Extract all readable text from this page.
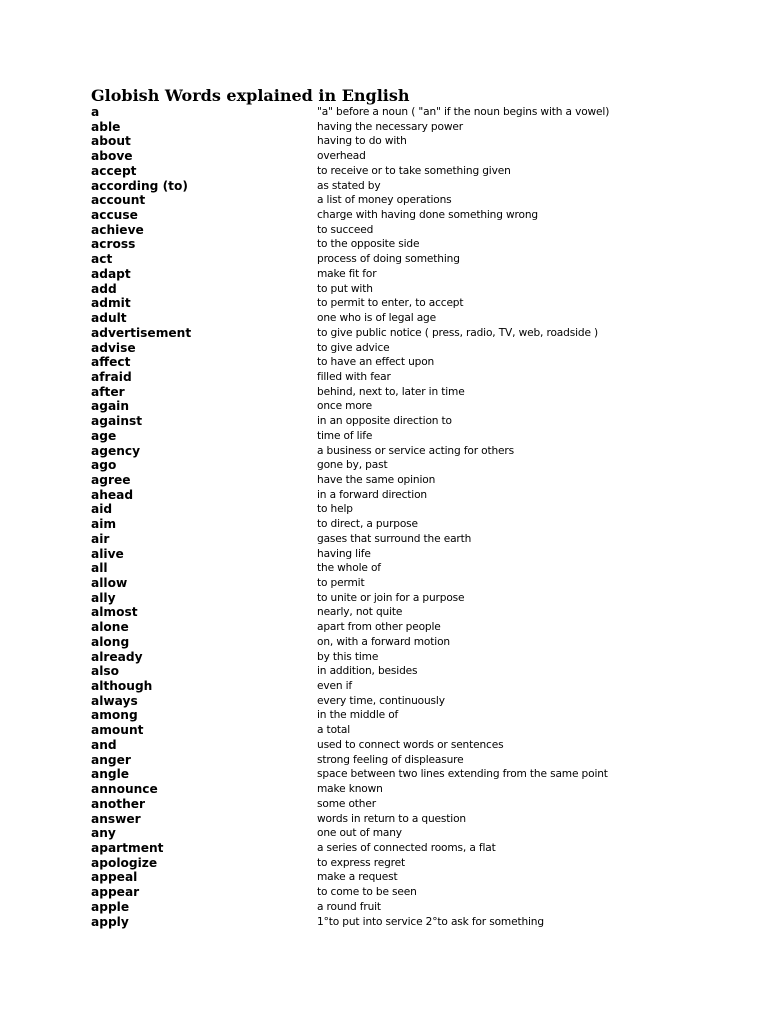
Globish Words explained in English
a	"a" before a noun ( "an" if the noun begins with a vowel)
able	having the necessary power
about	having to do with
above	overhead
accept	to receive or to take something given
according (to)	as stated by
account	a list of money operations
accuse	charge with having done something wrong
achieve	to succeed
across	to the opposite side
act	process of doing something
adapt	make fit for
add	to put with
admit	to permit to enter, to accept
adult	one who is of legal age
advertisement	to give public notice ( press, radio, TV, web, roadside )
advise	to give advice
affect	to have an effect upon
afraid	filled with fear
after	behind, next to, later in time
again	once more
against	in an opposite direction to
age	time of life
agency	a business or service acting for others
ago	gone by, past
agree	have the same opinion
ahead	in a forward direction
aid	to help
aim	to direct, a purpose
air	gases that surround the earth
alive	having life
all	the whole of
allow	to permit
ally	to unite or join for a purpose
almost	nearly, not quite
alone	apart from other people
along	on, with a forward motion
already	by this time
also	in addition, besides
although	even if
always	every time, continuously
among	in the middle of
amount	a total
and	used to connect words or sentences
anger	strong feeling of displeasure
angle	space between two lines extending from the same point
announce	make known
another	some other
answer	words in return to a question
any	one out of many
apartment	a series of connected rooms, a flat
apologize	to express regret
appeal	make a request
appear	to come to be seen
apple	a round fruit
apply	1°to put into service 2°to ask for something
